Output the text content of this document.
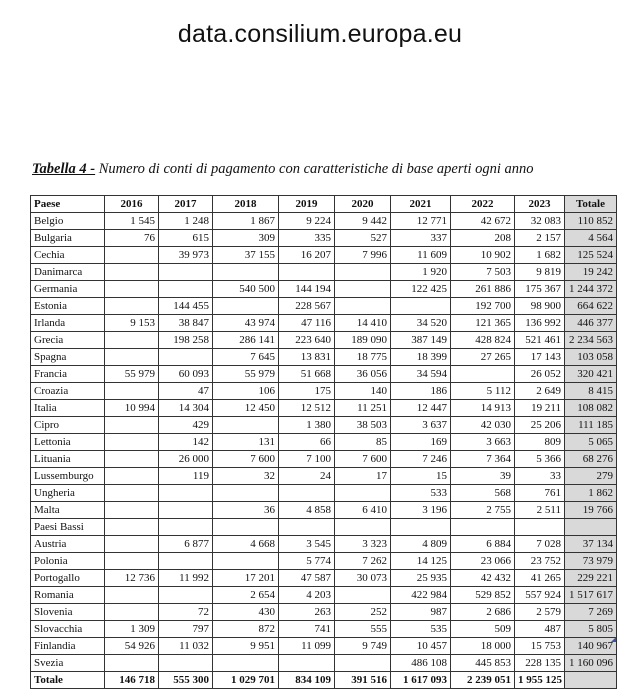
data.consilium.europa.eu
Tabella 4 - Numero di conti di pagamento con caratteristiche di base aperti ogni anno
Paese	2016	2017	2018	2019	2020	2021	2022	2023	Totale
Belgio	1 545	1 248	1 867	9 224	9 442	12 771	42 672	32 083	110 852
Bulgaria	76	615	309	335	527	337	208	2 157	4 564
Cechia		39 973	37 155	16 207	7 996	11 609	10 902	1 682	125 524
Danimarca						1 920	7 503	9 819	19 242
Germania			540 500	144 194		122 425	261 886	175 367	1 244 372
Estonia		144 455		228 567			192 700	98 900	664 622
Irlanda	9 153	38 847	43 974	47 116	14 410	34 520	121 365	136 992	446 377
Grecia		198 258	286 141	223 640	189 090	387 149	428 824	521 461	2 234 563
Spagna			7 645	13 831	18 775	18 399	27 265	17 143	103 058
Francia	55 979	60 093	55 979	51 668	36 056	34 594		26 052	320 421
Croazia		47	106	175	140	186	5 112	2 649	8 415
Italia	10 994	14 304	12 450	12 512	11 251	12 447	14 913	19 211	108 082
Cipro		429		1 380	38 503	3 637	42 030	25 206	111 185
Lettonia		142	131	66	85	169	3 663	809	5 065
Lituania		26 000	7 600	7 100	7 600	7 246	7 364	5 366	68 276
Lussemburgo		119	32	24	17	15	39	33	279
Ungheria						533	568	761	1 862
Malta			36	4 858	6 410	3 196	2 755	2 511	19 766
Paesi Bassi									
Austria		6 877	4 668	3 545	3 323	4 809	6 884	7 028	37 134
Polonia				5 774	7 262	14 125	23 066	23 752	73 979
Portogallo	12 736	11 992	17 201	47 587	30 073	25 935	42 432	41 265	229 221
Romania			2 654	4 203		422 984	529 852	557 924	1 517 617
Slovenia		72	430	263	252	987	2 686	2 579	7 269
Slovacchia	1 309	797	872	741	555	535	509	487	5 805
Finlandia	54 926	11 032	9 951	11 099	9 749	10 457	18 000	15 753	140 967
Svezia						486 108	445 853	228 135	1 160 096
Totale	146 718	555 300	1 029 701	834 109	391 516	1 617 093	2 239 051	1 955 125	
